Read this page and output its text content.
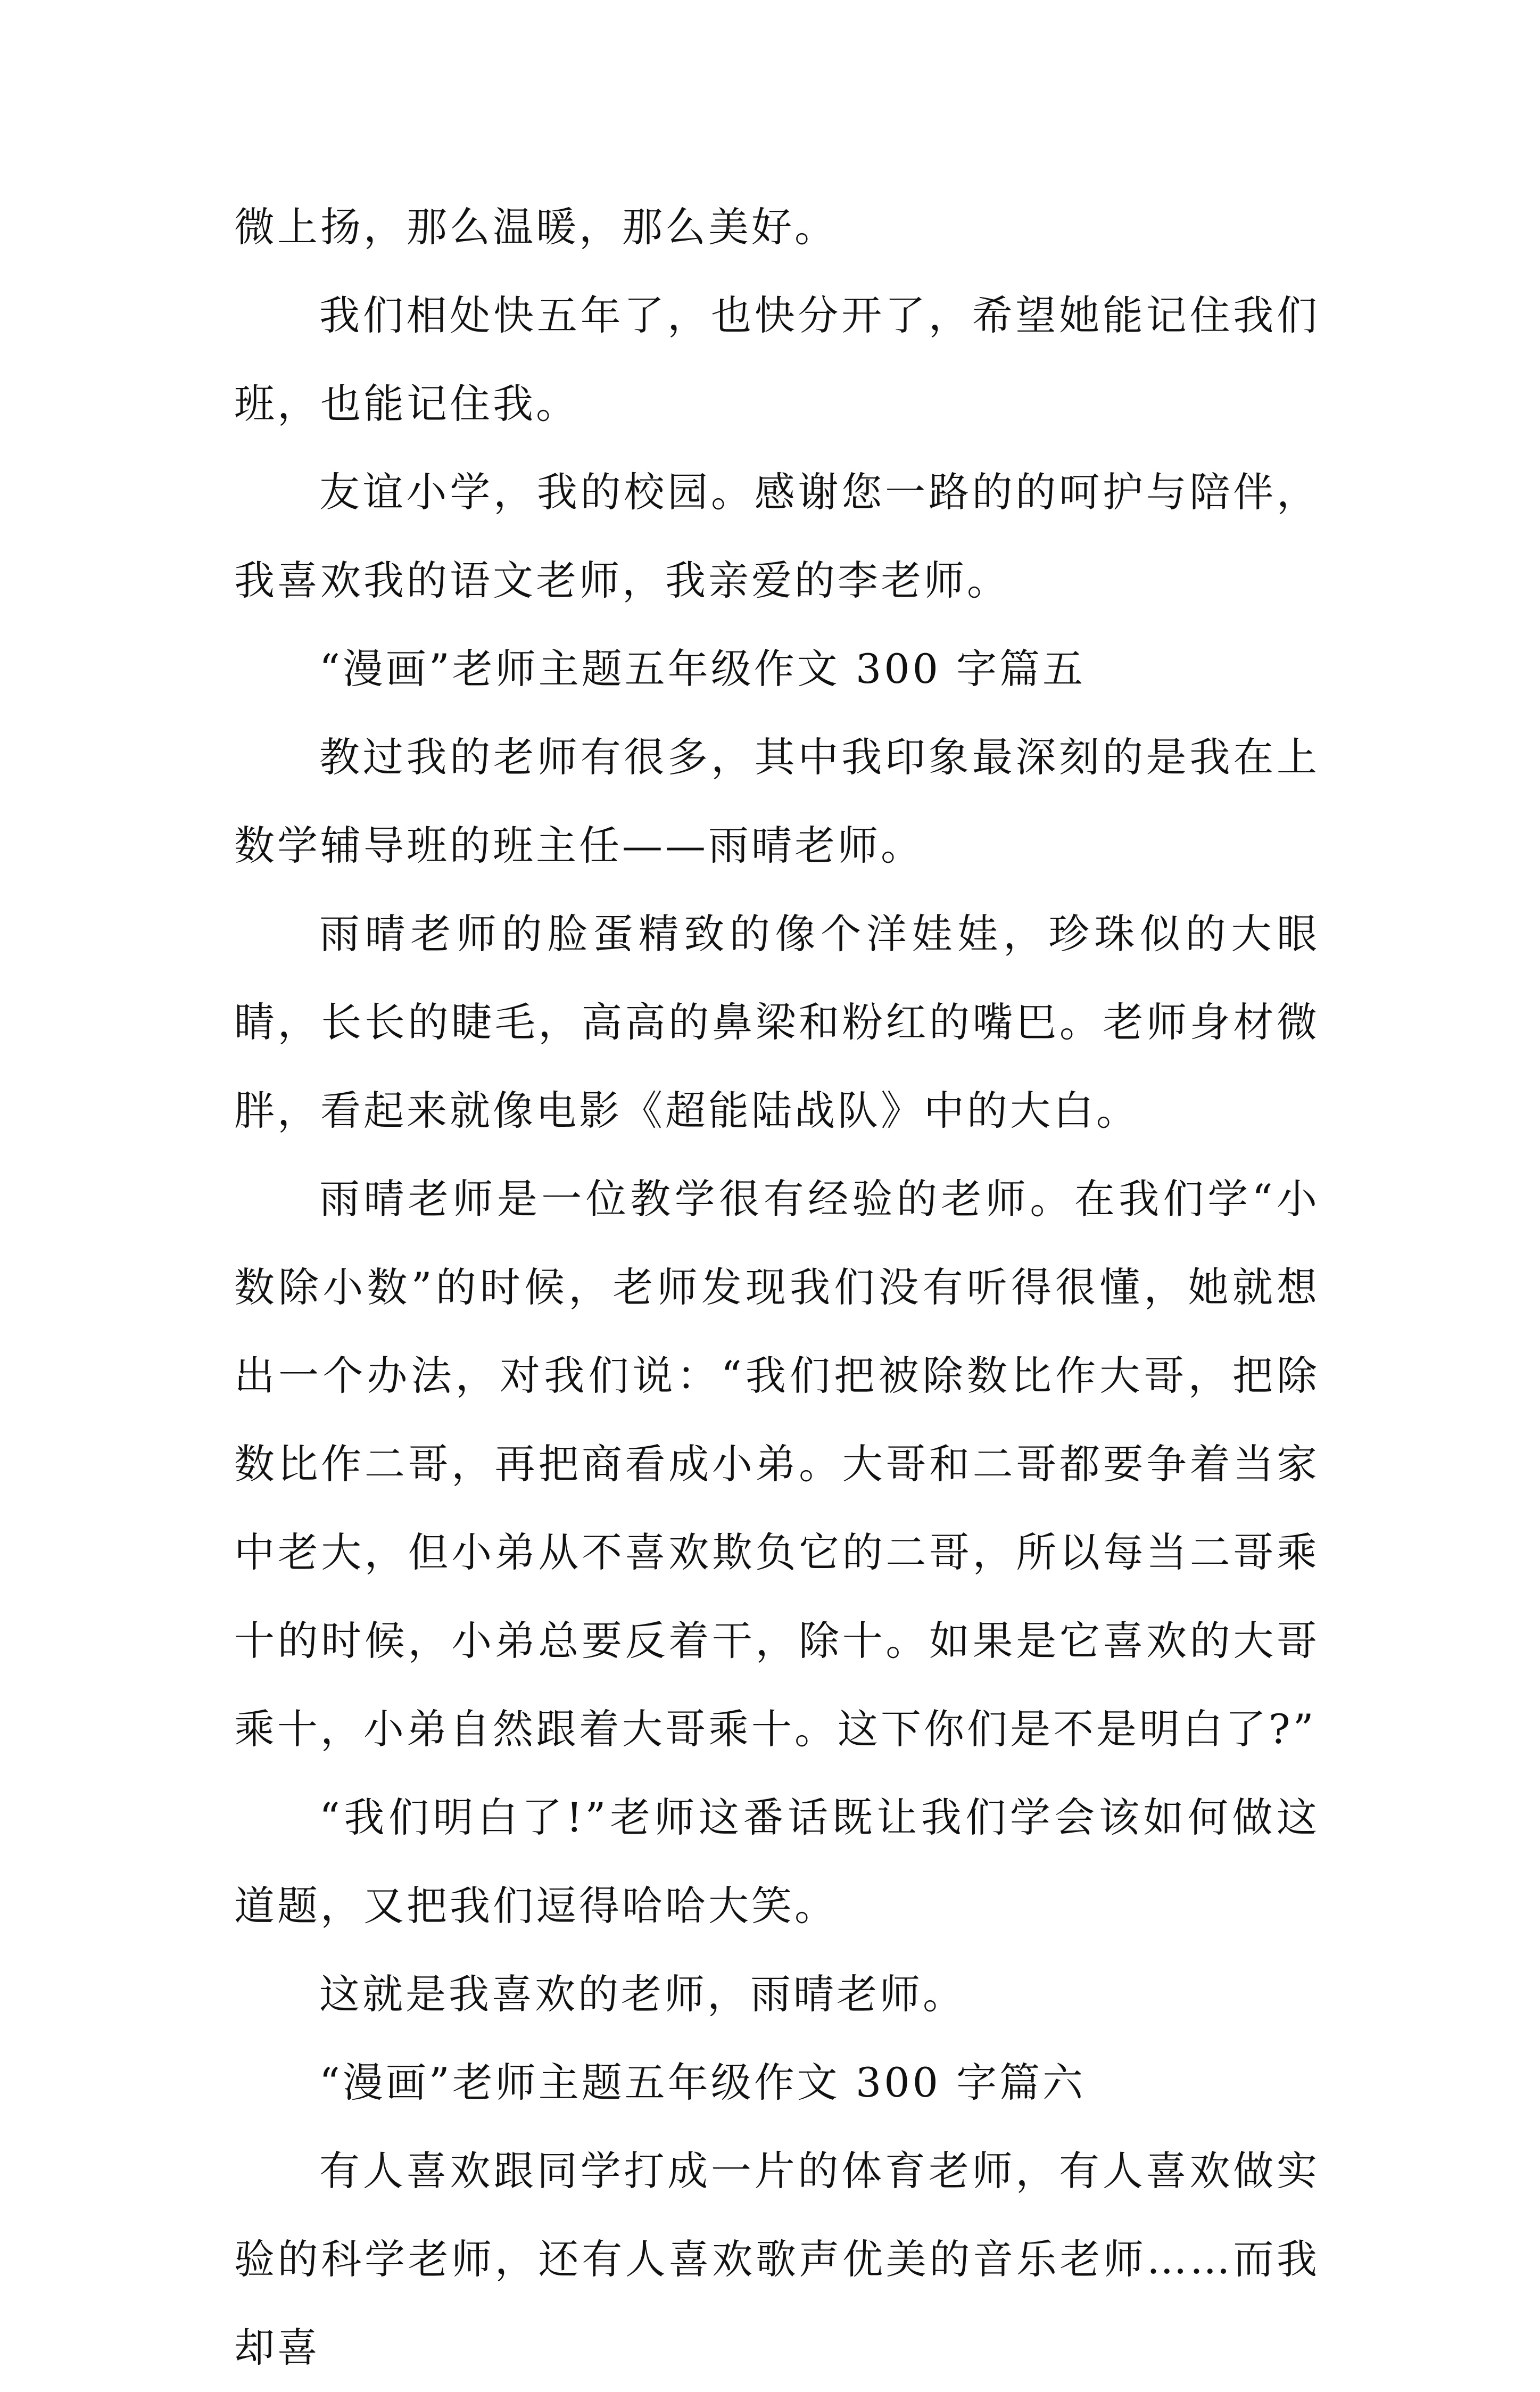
微上扬，那么温暖，那么美好。

我们相处快五年了，也快分开了，希望她能记住我们班，也能记住我。

友谊小学，我的校园。感谢您一路的的呵护与陪伴，我喜欢我的语文老师，我亲爱的李老师。

“漫画”老师主题五年级作文 300 字篇五

教过我的老师有很多，其中我印象最深刻的是我在上数学辅导班的班主任——雨晴老师。

雨晴老师的脸蛋精致的像个洋娃娃，珍珠似的大眼睛，长长的睫毛，高高的鼻梁和粉红的嘴巴。老师身材微胖，看起来就像电影《超能陆战队》中的大白。

雨晴老师是一位教学很有经验的老师。在我们学“小数除小数”的时候，老师发现我们没有听得很懂，她就想出一个办法，对我们说：“我们把被除数比作大哥，把除数比作二哥，再把商看成小弟。大哥和二哥都要争着当家中老大，但小弟从不喜欢欺负它的二哥，所以每当二哥乘十的时候，小弟总要反着干，除十。如果是它喜欢的大哥乘十，小弟自然跟着大哥乘十。这下你们是不是明白了?”

“我们明白了!”老师这番话既让我们学会该如何做这道题，又把我们逗得哈哈大笑。

这就是我喜欢的老师，雨晴老师。

“漫画”老师主题五年级作文 300 字篇六

有人喜欢跟同学打成一片的体育老师，有人喜欢做实验的科学老师，还有人喜欢歌声优美的音乐老师……而我却喜
